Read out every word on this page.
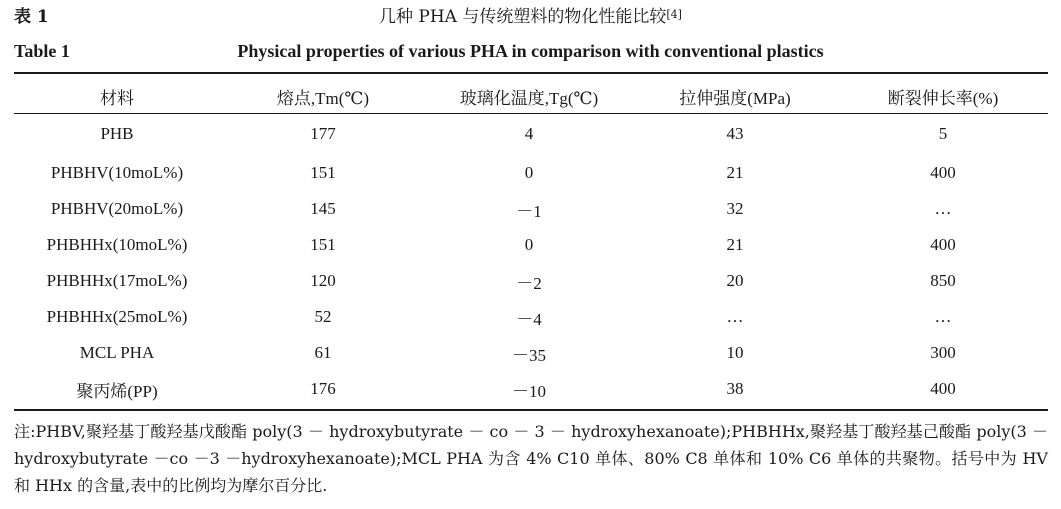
表 1	几种 PHA 与传统塑料的物化性能比较[4]
Table 1	Physical properties of various PHA in comparison with conventional plastics
材料	熔点,Tm(℃)	玻璃化温度,Tg(℃)	拉伸强度(MPa)	断裂伸长率(%)
PHB	177	4	43	5
PHBHV(10moL%)	151	0	21	400
PHBHV(20moL%)	145	－1	32	…
PHBHHx(10moL%)	151	0	21	400
PHBHHx(17moL%)	120	－2	20	850
PHBHHx(25moL%)	52	－4	…	…
MCL PHA	61	－35	10	300
聚丙烯(PP)	176	－10	38	400
注:PHBV,聚羟基丁酸羟基戊酸酯 poly(3 － hydroxybutyrate － co － 3 － hydroxyhexanoate);PHBHHx,聚羟基丁酸羟基己酸酯 poly(3 －hydroxybutyrate －co －3 －hydroxyhexanoate);MCL PHA 为含 4% C10 单体、80% C8 单体和 10% C6 单体的共聚物。括号中为 HV 和 HHx 的含量,表中的比例均为摩尔百分比.
